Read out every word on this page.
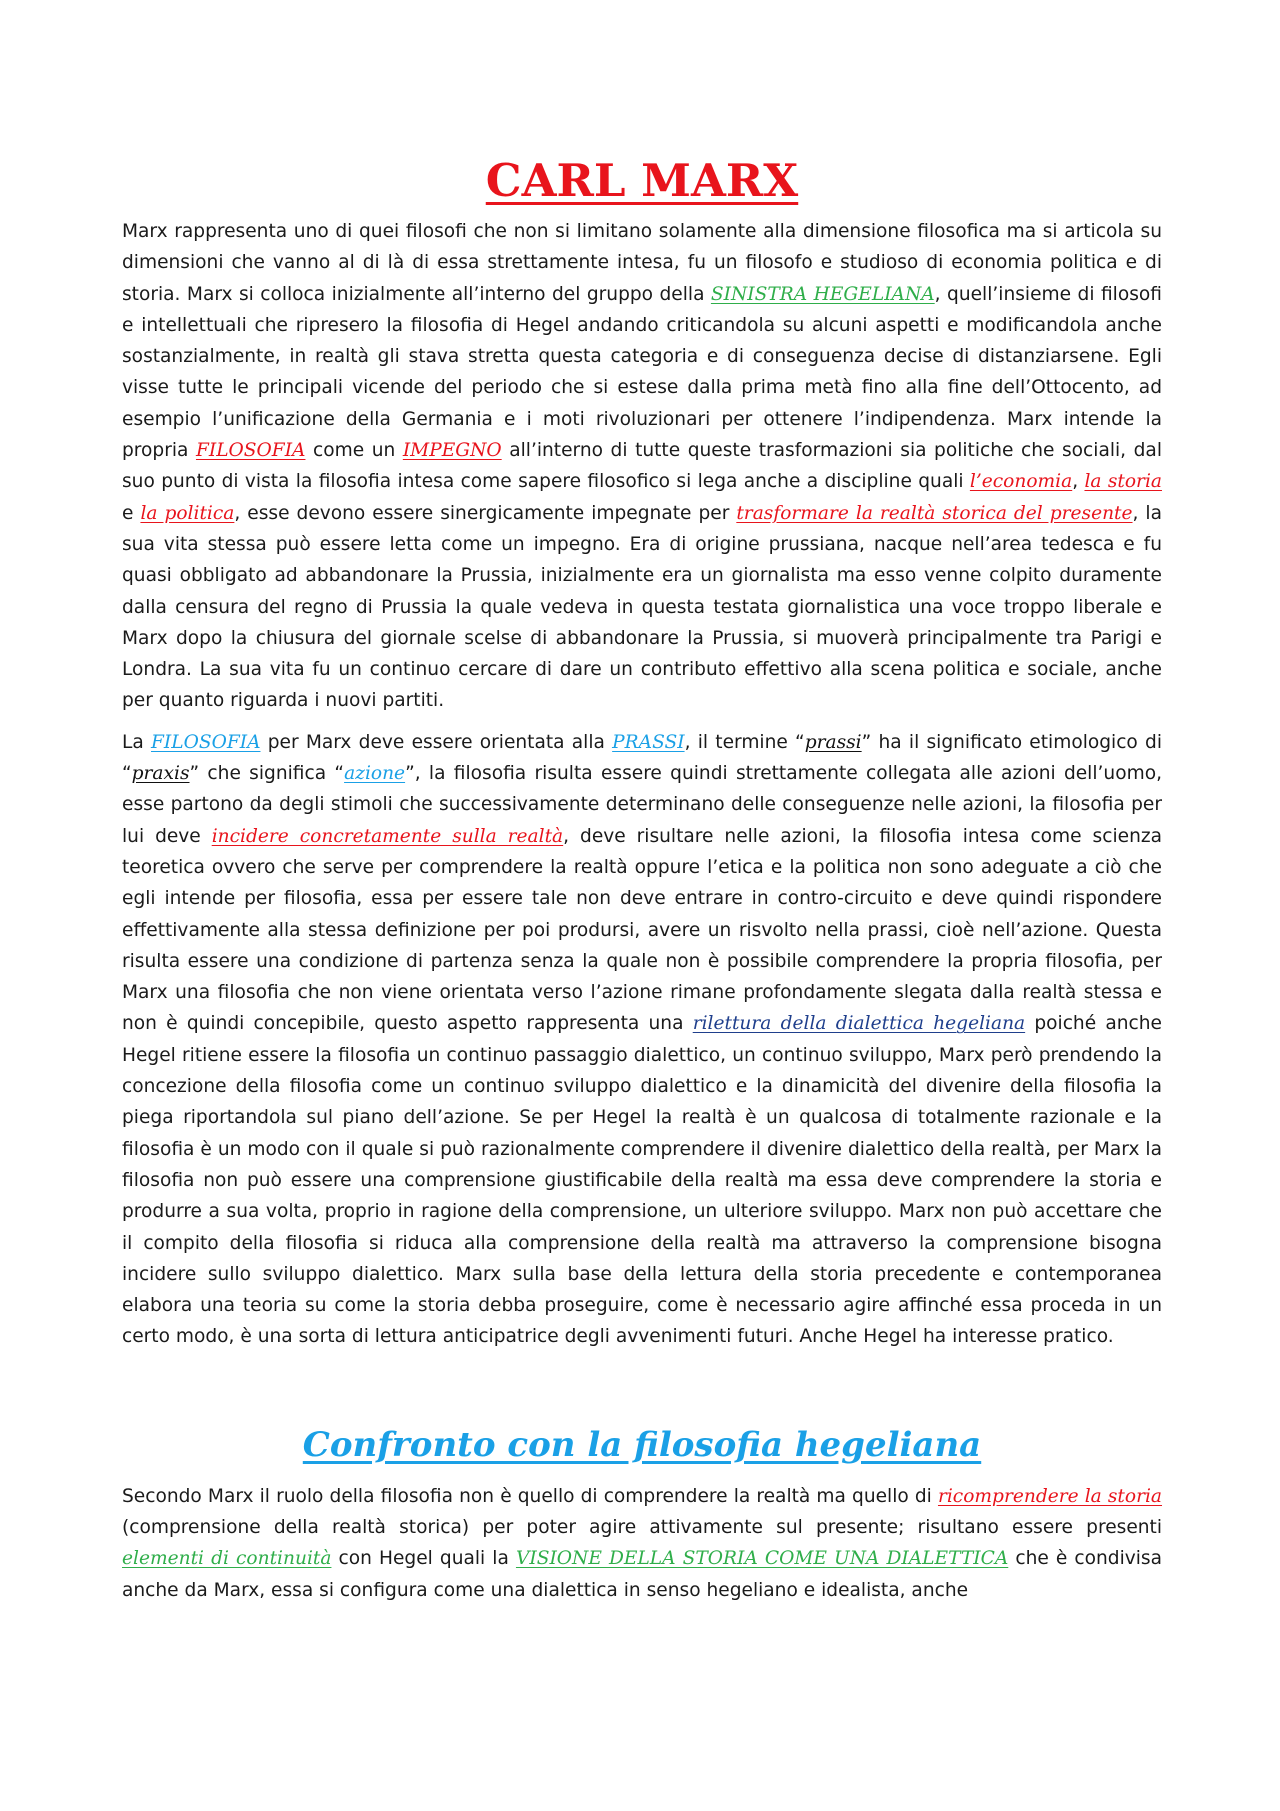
CARL MARX

Marx rappresenta uno di quei filosofi che non si limitano solamente alla dimensione filosofica ma si articola su dimensioni che vanno al di là di essa strettamente intesa, fu un filosofo e studioso di economia politica e di storia. Marx si colloca inizialmente all’interno del gruppo della SINISTRA HEGELIANA, quell’insieme di filosofi e intellettuali che ripresero la filosofia di Hegel andando criticandola su alcuni aspetti e modificandola anche sostanzialmente, in realtà gli stava stretta questa categoria e di conseguenza decise di distanziarsene. Egli visse tutte le principali vicende del periodo che si estese dalla prima metà fino alla fine dell’Ottocento, ad esempio l’unificazione della Germania e i moti rivoluzionari per ottenere l’indipendenza. Marx intende la propria FILOSOFIA come un IMPEGNO all’interno di tutte queste trasformazioni sia politiche che sociali, dal suo punto di vista la filosofia intesa come sapere filosofico si lega anche a discipline quali l’economia, la storia e la politica, esse devono essere sinergicamente impegnate per trasformare la realtà storica del presente, la sua vita stessa può essere letta come un impegno. Era di origine prussiana, nacque nell’area tedesca e fu quasi obbligato ad abbandonare la Prussia, inizialmente era un giornalista ma esso venne colpito duramente dalla censura del regno di Prussia la quale vedeva in questa testata giornalistica una voce troppo liberale e Marx dopo la chiusura del giornale scelse di abbandonare la Prussia, si muoverà principalmente tra Parigi e Londra. La sua vita fu un continuo cercare di dare un contributo effettivo alla scena politica e sociale, anche per quanto riguarda i nuovi partiti.

La FILOSOFIA per Marx deve essere orientata alla PRASSI, il termine “prassi” ha il significato etimologico di “praxis” che significa “azione”, la filosofia risulta essere quindi strettamente collegata alle azioni dell’uomo, esse partono da degli stimoli che successivamente determinano delle conseguenze nelle azioni, la filosofia per lui deve incidere concretamente sulla realtà, deve risultare nelle azioni, la filosofia intesa come scienza teoretica ovvero che serve per comprendere la realtà oppure l’etica e la politica non sono adeguate a ciò che egli intende per filosofia, essa per essere tale non deve entrare in contro-circuito e deve quindi rispondere effettivamente alla stessa definizione per poi prodursi, avere un risvolto nella prassi, cioè nell’azione. Questa risulta essere una condizione di partenza senza la quale non è possibile comprendere la propria filosofia, per Marx una filosofia che non viene orientata verso l’azione rimane profondamente slegata dalla realtà stessa e non è quindi concepibile, questo aspetto rappresenta una rilettura della dialettica hegeliana poiché anche Hegel ritiene essere la filosofia un continuo passaggio dialettico, un continuo sviluppo, Marx però prendendo la concezione della filosofia come un continuo sviluppo dialettico e la dinamicità del divenire della filosofia la piega riportandola sul piano dell’azione. Se per Hegel la realtà è un qualcosa di totalmente razionale e la filosofia è un modo con il quale si può razionalmente comprendere il divenire dialettico della realtà, per Marx la filosofia non può essere una comprensione giustificabile della realtà ma essa deve comprendere la storia e produrre a sua volta, proprio in ragione della comprensione, un ulteriore sviluppo. Marx non può accettare che il compito della filosofia si riduca alla comprensione della realtà ma attraverso la comprensione bisogna incidere sullo sviluppo dialettico. Marx sulla base della lettura della storia precedente e contemporanea elabora una teoria su come la storia debba proseguire, come è necessario agire affinché essa proceda in un certo modo, è una sorta di lettura anticipatrice degli avvenimenti futuri. Anche Hegel ha interesse pratico.

Confronto con la filosofia hegeliana

Secondo Marx il ruolo della filosofia non è quello di comprendere la realtà ma quello di ricomprendere la storia (comprensione della realtà storica) per poter agire attivamente sul presente; risultano essere presenti elementi di continuità con Hegel quali la VISIONE DELLA STORIA COME UNA DIALETTICA che è condivisa anche da Marx, essa si configura come una dialettica in senso hegeliano e idealista, anche
